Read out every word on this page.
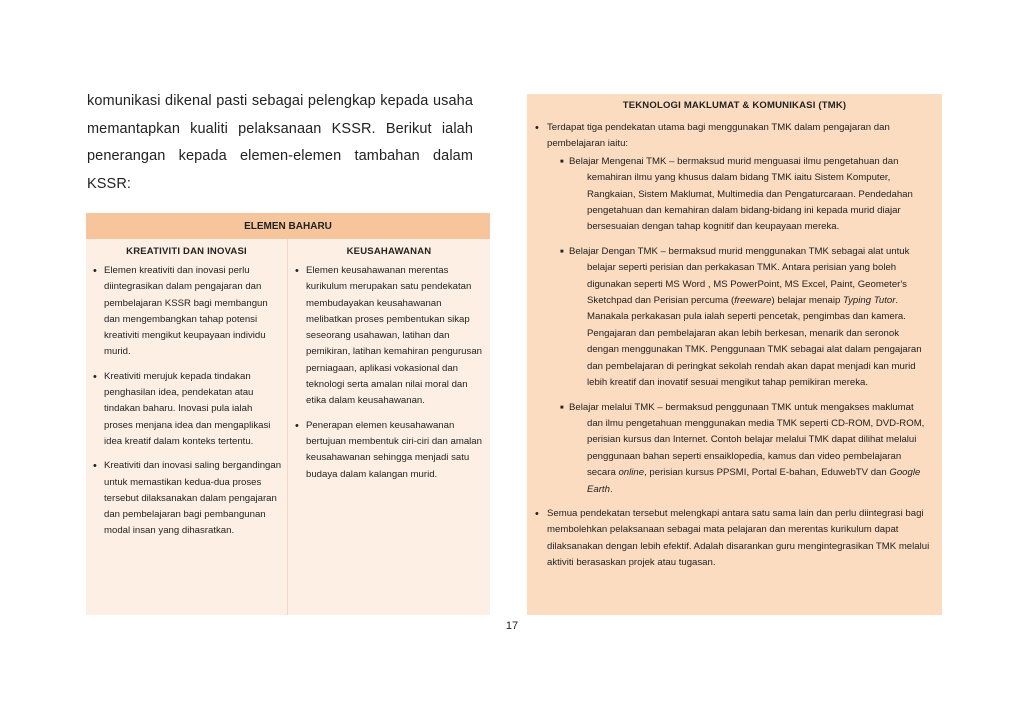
komunikasi dikenal pasti sebagai pelengkap kepada usaha memantapkan kualiti pelaksanaan KSSR. Berikut ialah penerangan kepada elemen-elemen tambahan dalam KSSR:

ELEMEN BAHARU
KREATIVITI DAN INOVASI
• Elemen kreativiti dan inovasi perlu diintegrasikan dalam pengajaran dan pembelajaran KSSR bagi membangun dan mengembangkan tahap potensi kreativiti mengikut keupayaan individu murid.
• Kreativiti merujuk kepada tindakan penghasilan idea, pendekatan atau tindakan baharu. Inovasi pula ialah proses menjana idea dan mengaplikasi idea kreatif dalam konteks tertentu.
• Kreativiti dan inovasi saling bergandingan untuk memastikan kedua-dua proses tersebut dilaksanakan dalam pengajaran dan pembelajaran bagi pembangunan modal insan yang dihasratkan.
KEUSAHAWANAN
• Elemen keusahawanan merentas kurikulum merupakan satu pendekatan membudayakan keusahawanan melibatkan proses pembentukan sikap seseorang usahawan, latihan dan pemikiran, latihan kemahiran pengurusan perniagaan, aplikasi vokasional dan teknologi serta amalan nilai moral dan etika dalam keusahawanan.
• Penerapan elemen keusahawanan bertujuan membentuk ciri-ciri dan amalan keusahawanan sehingga menjadi satu budaya dalam kalangan murid.
TEKNOLOGI MAKLUMAT & KOMUNIKASI (TMK)
• Terdapat tiga pendekatan utama bagi menggunakan TMK dalam pengajaran dan pembelajaran iaitu:
■ Belajar Mengenai TMK – bermaksud murid menguasai ilmu pengetahuan dan kemahiran ilmu yang khusus dalam bidang TMK iaitu Sistem Komputer, Rangkaian, Sistem Maklumat, Multimedia dan Pengaturcaraan. Pendedahan pengetahuan dan kemahiran dalam bidang-bidang ini kepada murid diajar bersesuaian dengan tahap kognitif dan keupayaan mereka.
■ Belajar Dengan TMK – bermaksud murid menggunakan TMK sebagai alat untuk belajar seperti perisian dan perkakasan TMK. Antara perisian yang boleh digunakan seperti MS Word , MS PowerPoint, MS Excel, Paint, Geometer's Sketchpad dan Perisian percuma (freeware) belajar menaip Typing Tutor. Manakala perkakasan pula ialah seperti pencetak, pengimbas dan kamera. Pengajaran dan pembelajaran akan lebih berkesan, menarik dan seronok dengan menggunakan TMK. Penggunaan TMK sebagai alat dalam pengajaran dan pembelajaran di peringkat sekolah rendah akan dapat menjadi kan murid lebih kreatif dan inovatif sesuai mengikut tahap pemikiran mereka.
■ Belajar melalui TMK – bermaksud penggunaan TMK untuk mengakses maklumat dan ilmu pengetahuan menggunakan media TMK seperti CD-ROM, DVD-ROM, perisian kursus dan Internet. Contoh belajar melalui TMK dapat dilihat melalui penggunaan bahan seperti ensaiklopedia, kamus dan video pembelajaran secara online, perisian kursus PPSMI, Portal E-bahan, EduwebTV dan Google Earth.
• Semua pendekatan tersebut melengkapi antara satu sama lain dan perlu diintegrasi bagi membolehkan pelaksanaan sebagai mata pelajaran dan merentas kurikulum dapat dilaksanakan dengan lebih efektif. Adalah disarankan guru mengintegrasikan TMK melalui aktiviti berasaskan projek atau tugasan.
17
